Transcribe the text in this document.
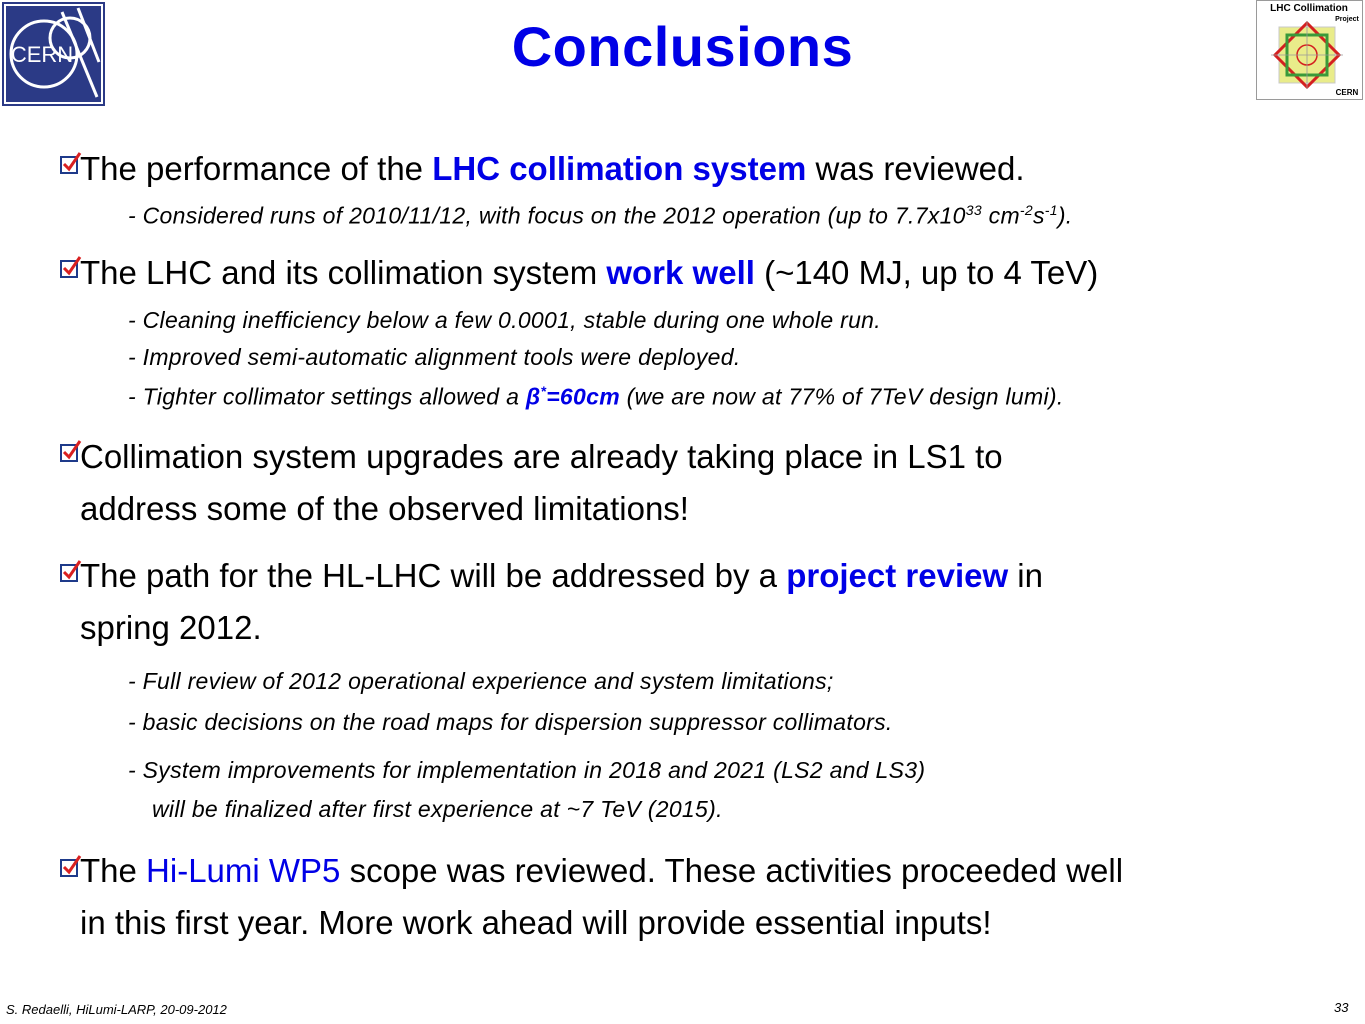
CERN
LHC Collimation
Project
CERN
Conclusions
The performance of the LHC collimation system was reviewed.
- Considered runs of 2010/11/12, with focus on the 2012 operation (up to $7.7x10^{33}$ $cm^{-2}s^{-1}$).
The LHC and its collimation system work well (~140 MJ, up to 4 TeV)
- Cleaning inefficiency below a few 0.0001, stable during one whole run.
- Improved semi-automatic alignment tools were deployed.
- Tighter collimator settings allowed a β*=60cm (we are now at 77% of 7TeV design lumi).
Collimation system upgrades are already taking place in LS1 to
address some of the observed limitations!
The path for the HL-LHC will be addressed by a project review in
spring 2012.
- Full review of 2012 operational experience and system limitations;
- basic decisions on the road maps for dispersion suppressor collimators.
- System improvements for implementation in 2018 and 2021 (LS2 and LS3)
will be finalized after first experience at ~7 TeV (2015).
The Hi-Lumi WP5 scope was reviewed. These activities proceeded well
in this first year. More work ahead will provide essential inputs!
S. Redaelli, HiLumi-LARP, 20-09-2012	33
